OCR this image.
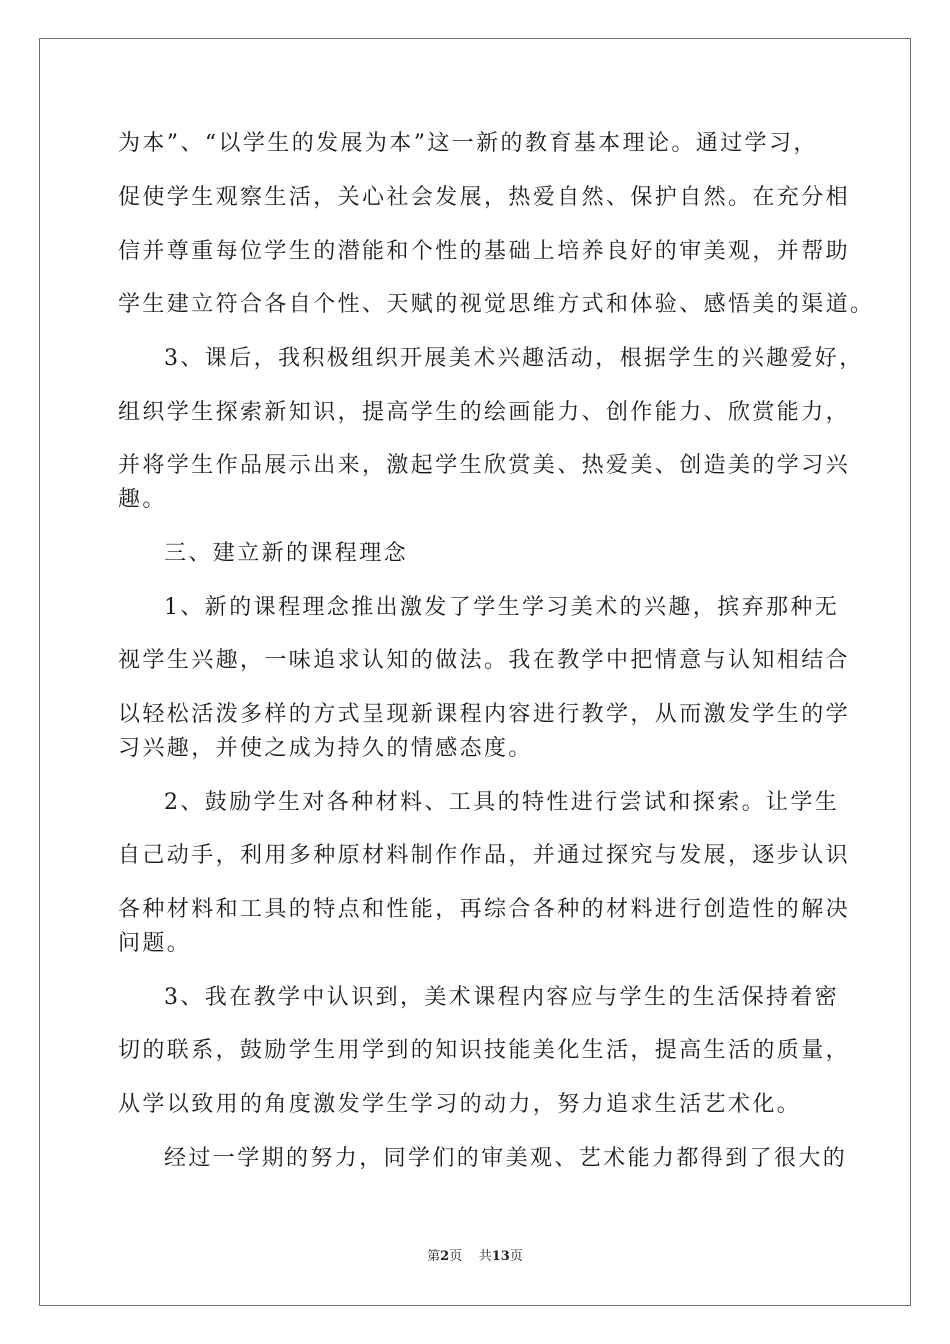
为本”、“以学生的发展为本”这一新的教育基本理论。通过学习，
促使学生观察生活，关心社会发展，热爱自然、保护自然。在充分相
信并尊重每位学生的潜能和个性的基础上培养良好的审美观，并帮助
学生建立符合各自个性、天赋的视觉思维方式和体验、感悟美的渠道。
3、课后，我积极组织开展美术兴趣活动，根据学生的兴趣爱好，
组织学生探索新知识，提高学生的绘画能力、创作能力、欣赏能力，
并将学生作品展示出来，激起学生欣赏美、热爱美、创造美的学习兴
趣。
三、建立新的课程理念
1、新的课程理念推出激发了学生学习美术的兴趣，摈弃那种无
视学生兴趣，一味追求认知的做法。我在教学中把情意与认知相结合
以轻松活泼多样的方式呈现新课程内容进行教学，从而激发学生的学
习兴趣，并使之成为持久的情感态度。
2、鼓励学生对各种材料、工具的特性进行尝试和探索。让学生
自己动手，利用多种原材料制作作品，并通过探究与发展，逐步认识
各种材料和工具的特点和性能，再综合各种的材料进行创造性的解决
问题。
3、我在教学中认识到，美术课程内容应与学生的生活保持着密
切的联系，鼓励学生用学到的知识技能美化生活，提高生活的质量，
从学以致用的角度激发学生学习的动力，努力追求生活艺术化。
经过一学期的努力，同学们的审美观、艺术能力都得到了很大的
第2页 共13页
